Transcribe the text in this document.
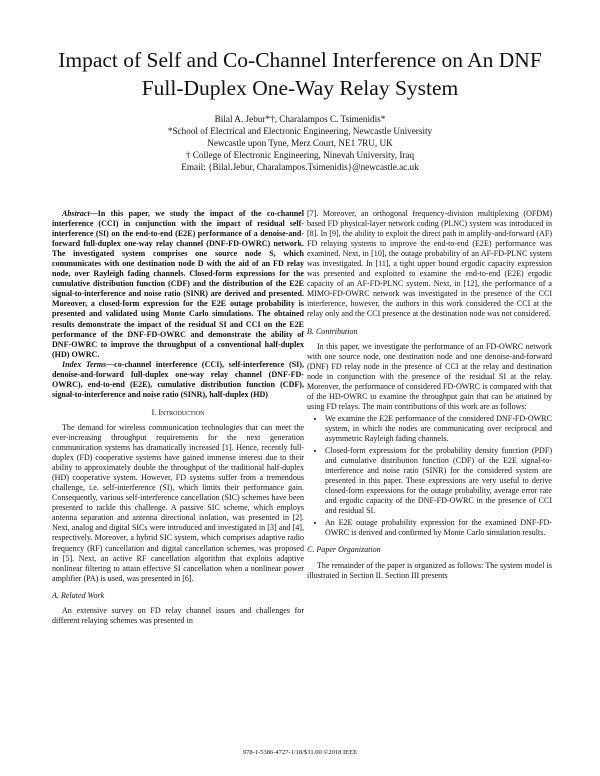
Impact of Self and Co-Channel Interference on An DNF Full-Duplex One-Way Relay System
Bilal A. Jebur*†, Charalampos C. Tsimenidis*
*School of Electrical and Electronic Engineering, Newcastle University
Newcastle upon Tyne, Merz Court, NE1 7RU, UK
† College of Electronic Engineering, Ninevah University, Iraq
Email: {Bilal.Jebur, Charalampos.Tsimenidis}@newcastle.ac.uk

Abstract—In this paper, we study the impact of the co-channel interference (CCI) in conjunction with the impact of residual self-interference (SI) on the end-to-end (E2E) performance of a denoise-and-forward full-duplex one-way relay channel (DNF-FD-OWRC) network. The investigated system comprises one source node S, which communicates with one destination node D with the aid of an FD relay node, over Rayleigh fading channels. Closed-form expressions for the cumulative distribution function (CDF) and the distribution of the E2E signal-to-interference and noise ratio (SINR) are derived and presented. Moreover, a closed-form expression for the E2E outage probability is presented and validated using Monte Carlo simulations. The obtained results demonstrate the impact of the residual SI and CCI on the E2E performance of the DNF-FD-OWRC and demonstrate the ability of DNF-OWRC to improve the throughput of a conventional half-duplex (HD) OWRC.

Index Terms—co-channel interference (CCI), self-interference (SI), denoise-and-forward full-duplex one-way relay channel (DNF-FD-OWRC), end-to-end (E2E), cumulative distribution function (CDF), signal-to-interference and noise ratio (SINR), half-duplex (HD)

I. Introduction

The demand for wireless communication technologies that can meet the ever-increasing throughput requirements for the next generation communication systems has dramatically increased [1]. Hence, recently full-duplex (FD) cooperative systems have gained immense interest due to their ability to approximately double the throughput of the traditional half-duplex (HD) cooperative system. However, FD systems suffer from a tremendous challenge, i.e. self-interference (SI), which limits their performance gain. Consequently, various self-interference cancellation (SIC) schemes have been presented to tackle this challenge. A passive SIC scheme, which employs antenna separation and antenna directional isolation, was presented in [2]. Next, analog and digital SICs were introduced and investigated in [3] and [4], respectively. Moreover, a hybrid SIC system, which comprises adaptive radio frequency (RF) cancellation and digital cancellation schemes, was proposed in [5]. Next, an active RF cancellation algorithm that exploits adaptive nonlinear filtering to attain effective SI cancellation when a nonlinear power amplifier (PA) is used, was presented in [6].

A. Related Work

An extensive survey on FD relay channel issues and challenges for different relaying schemes was presented in

[7]. Moreover, an orthogonal frequency-division multiplexing (OFDM) based FD physical-layer network coding (PLNC) system was introduced in [8]. In [9], the ability to exploit the direct path in amplify-and-forward (AF) FD relaying systems to improve the end-to-end (E2E) performance was examined. Next, in [10], the outage probability of an AF-FD-PLNC system was investigated. In [11], a tight upper bound ergodic capacity expression was presented and exploited to examine the end-to-end (E2E) ergodic capacity of an AF-FD-PLNC system. Next, in [12], the performance of a MIMO-FD-OWRC network was investigated in the presence of the CCI interference, however, the authors in this work considered the CCI at the relay only and the CCI presence at the destination node was not considered.

B. Contribution

In this paper, we investigate the performance of an FD-OWRC network with one source node, one destination node and one denoise-and-forward (DNF) FD relay node in the presence of CCI at the relay and destination node in conjunction with the presence of the residual SI at the relay. Moreover, the performance of considered FD-OWRC is compared with that of the HD-OWRC to examine the throughput gain that can be attained by using FD relays. The main contributions of this work are as follows:

• We examine the E2E performance of the considered DNF-FD-OWRC system, in which the nodes are communicating over reciprocal and asymmetric Rayleigh fading channels.
• Closed-form expressions for the probability density function (PDF) and cumulative distribution function (CDF) of the E2E signal-to-interference and noise ratio (SINR) for the considered system are presented in this paper. These expressions are very useful to derive closed-form expressions for the outage probability, average error rate and ergodic capacity of the DNF-FD-OWRC in the presence of CCI and residual SI.
• An E2E outage probability expression for the examined DNF-FD-OWRC is derived and confirmed by Monte Carlo simulation results.
C. Paper Organization

The remainder of the paper is organized as follows: The system model is illustrated in Section II. Section III presents

978-1-5386-4727-1/18/$31.00 ©2018 IEEE
